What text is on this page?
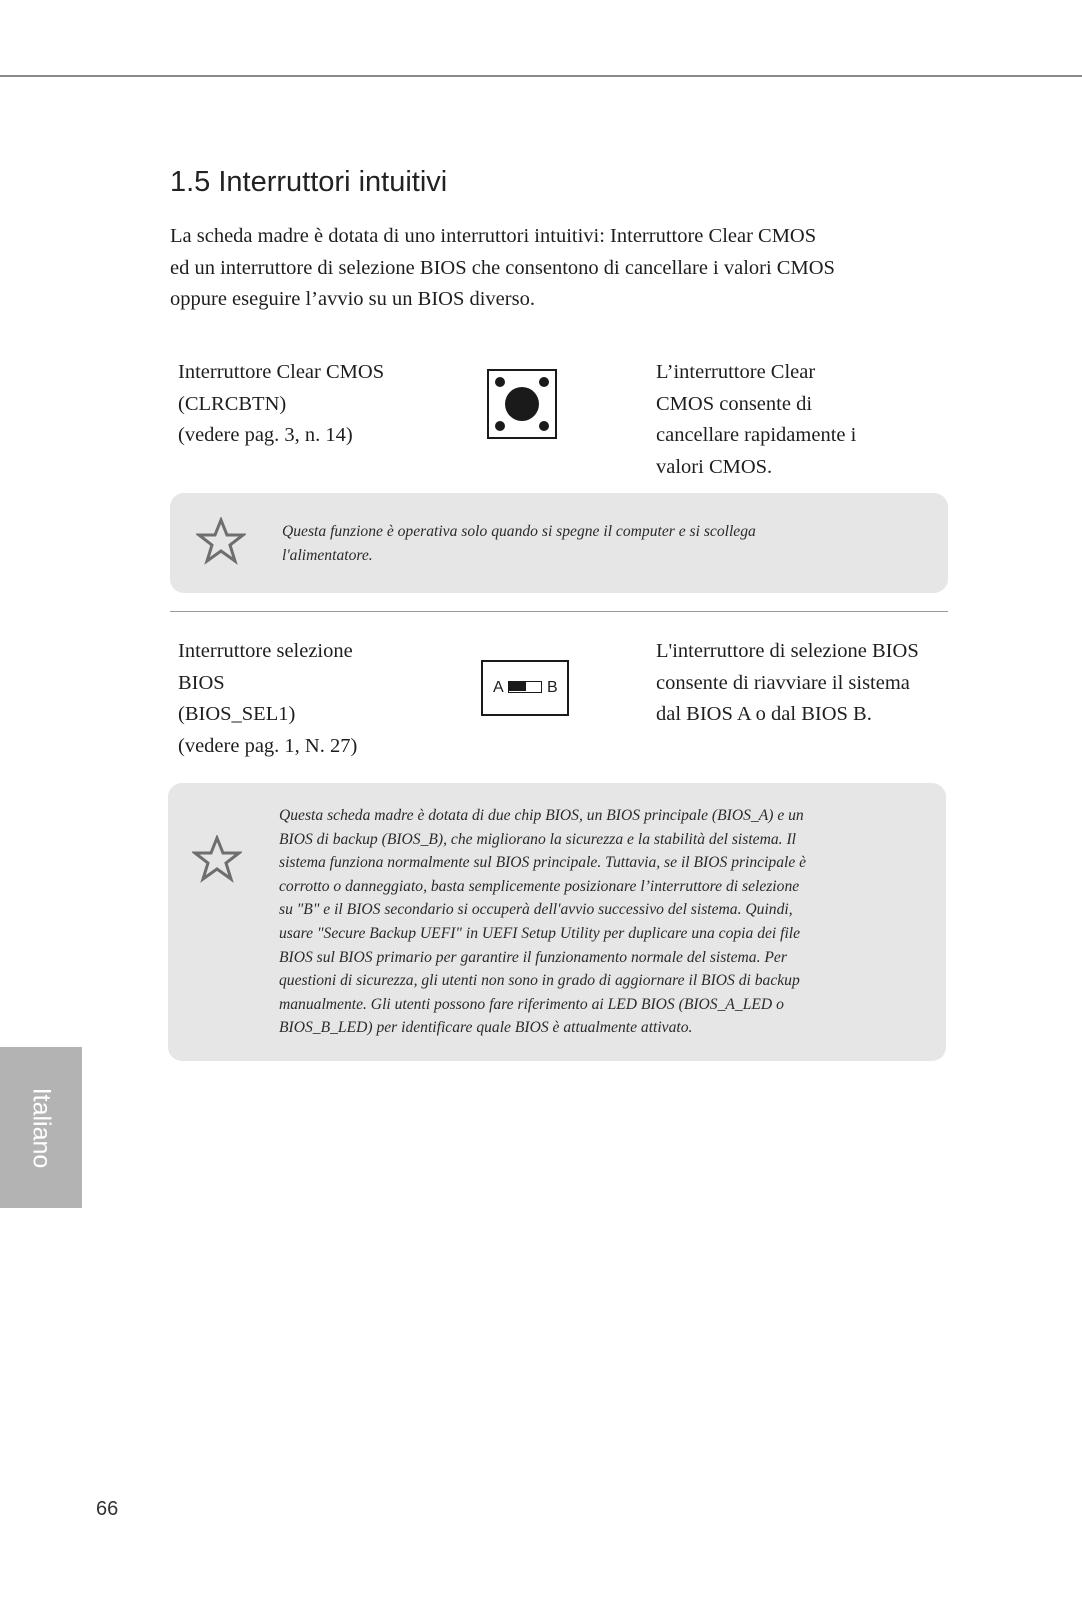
1.5 Interruttori intuitivi
La scheda madre è dotata di uno interruttori intuitivi: Interruttore Clear CMOS
ed un interruttore di selezione BIOS che consentono di cancellare i valori CMOS
oppure eseguire l’avvio su un BIOS diverso.
Interruttore Clear CMOS
(CLRCBTN)
(vedere pag. 3, n. 14)
L’interruttore Clear
CMOS consente di
cancellare rapidamente i
valori CMOS.
Questa funzione è operativa solo quando si spegne il computer e si scollega
l'alimentatore.
Interruttore selezione
BIOS
(BIOS_SEL1)
(vedere pag. 1, N. 27)
A	B
L'interruttore di selezione BIOS
consente di riavviare il sistema
dal BIOS A o dal BIOS B.
Questa scheda madre è dotata di due chip BIOS, un BIOS principale (BIOS_A) e un
BIOS di backup (BIOS_B), che migliorano la sicurezza e la stabilità del sistema. Il
sistema funziona normalmente sul BIOS principale. Tuttavia, se il BIOS principale è
corrotto o danneggiato, basta semplicemente posizionare l’interruttore di selezione
su "B" e il BIOS secondario si occuperà dell'avvio successivo del sistema. Quindi,
usare "Secure Backup UEFI" in UEFI Setup Utility per duplicare una copia dei file
BIOS sul BIOS primario per garantire il funzionamento normale del sistema. Per
questioni di sicurezza, gli utenti non sono in grado di aggiornare il BIOS di backup
manualmente. Gli utenti possono fare riferimento ai LED BIOS (BIOS_A_LED o
BIOS_B_LED) per identificare quale BIOS è attualmente attivato.
Italiano
66
